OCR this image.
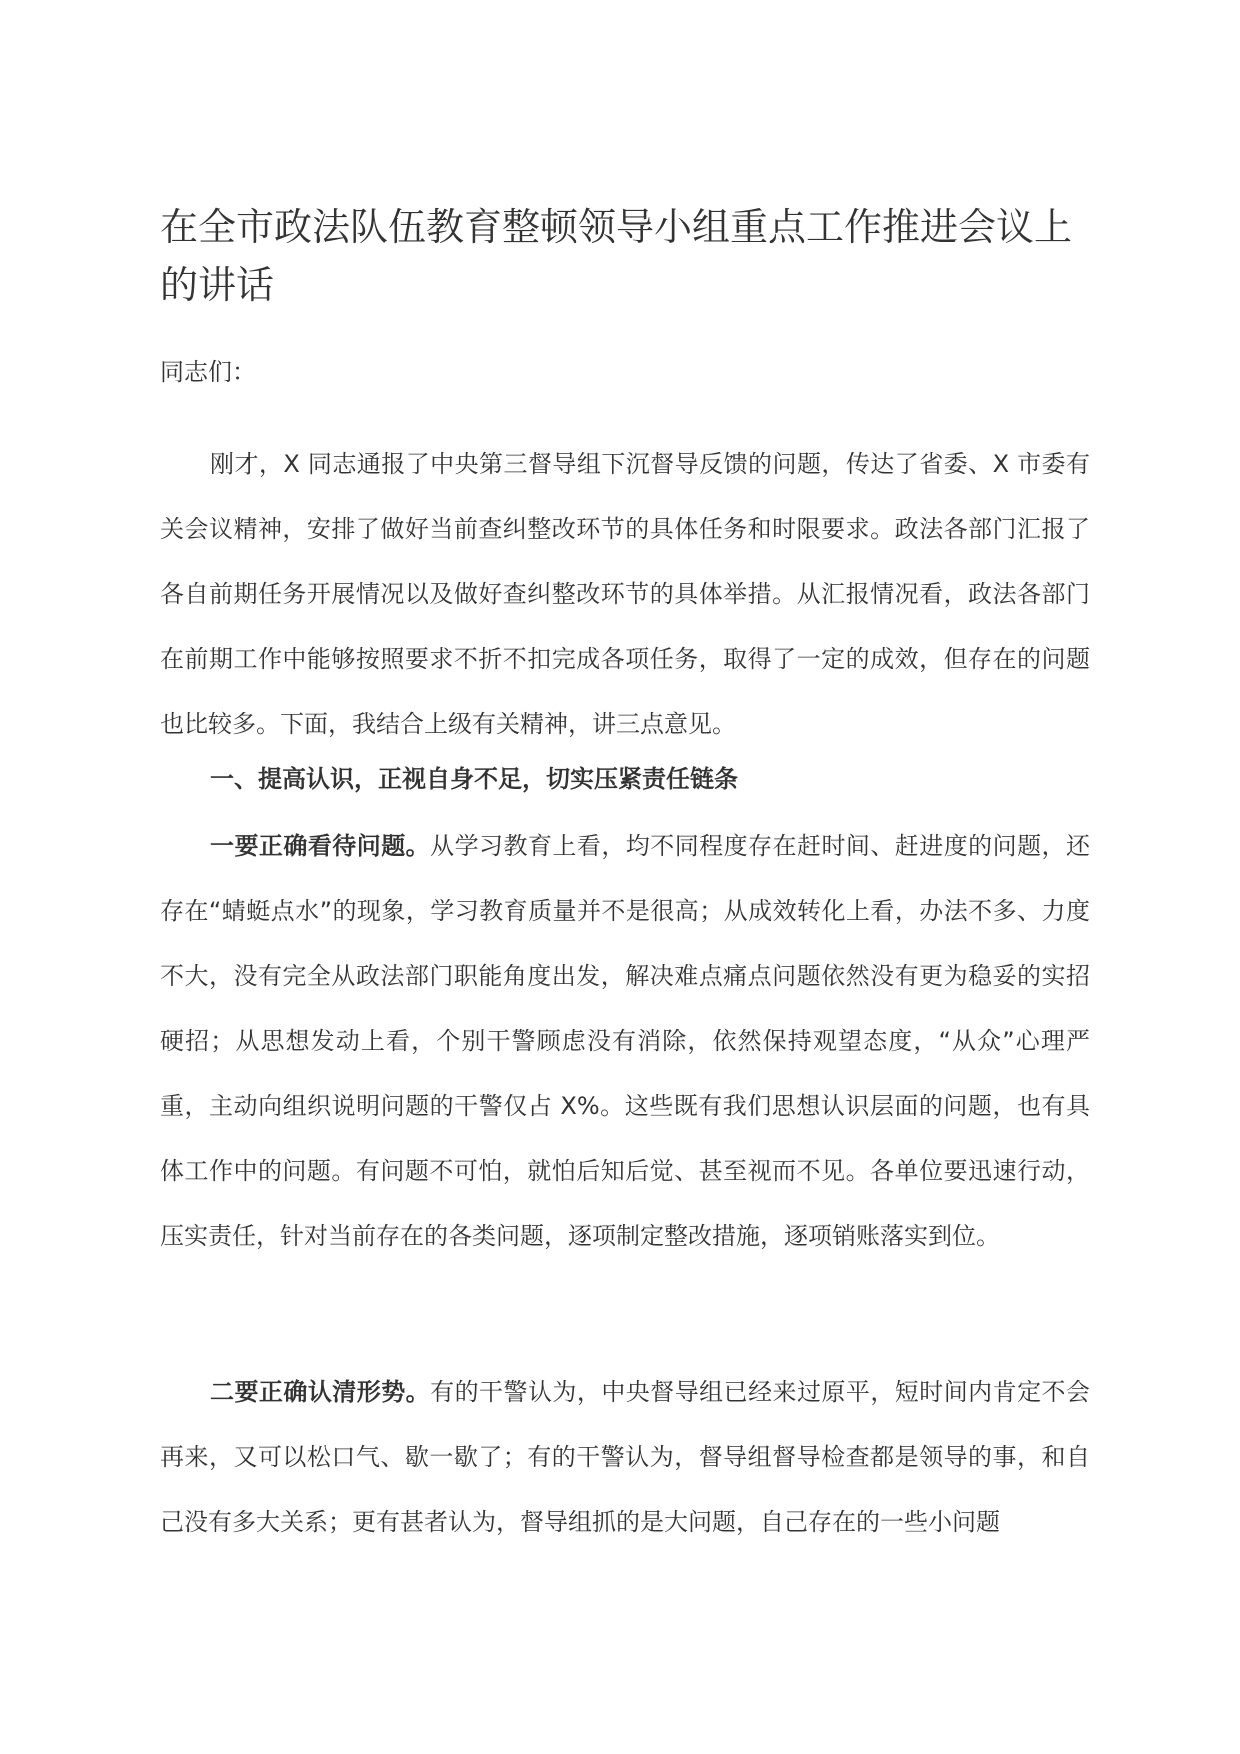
在全市政法队伍教育整顿领导小组重点工作推进会议上的讲话

同志们：

刚才，X 同志通报了中央第三督导组下沉督导反馈的问题，传达了省委、X 市委有关会议精神，安排了做好当前查纠整改环节的具体任务和时限要求。政法各部门汇报了各自前期任务开展情况以及做好查纠整改环节的具体举措。从汇报情况看，政法各部门在前期工作中能够按照要求不折不扣完成各项任务，取得了一定的成效，但存在的问题也比较多。下面，我结合上级有关精神，讲三点意见。

一、提高认识，正视自身不足，切实压紧责任链条

一要正确看待问题。从学习教育上看，均不同程度存在赶时间、赶进度的问题，还存在“蜻蜓点水”的现象，学习教育质量并不是很高；从成效转化上看，办法不多、力度不大，没有完全从政法部门职能角度出发，解决难点痛点问题依然没有更为稳妥的实招硬招；从思想发动上看，个别干警顾虑没有消除，依然保持观望态度，“从众”心理严重，主动向组织说明问题的干警仅占 X%。这些既有我们思想认识层面的问题，也有具体工作中的问题。有问题不可怕，就怕后知后觉、甚至视而不见。各单位要迅速行动，压实责任，针对当前存在的各类问题，逐项制定整改措施，逐项销账落实到位。

二要正确认清形势。有的干警认为，中央督导组已经来过原平，短时间内肯定不会再来，又可以松口气、歇一歇了；有的干警认为，督导组督导检查都是领导的事，和自己没有多大关系；更有甚者认为，督导组抓的是大问题，自己存在的一些小问题
